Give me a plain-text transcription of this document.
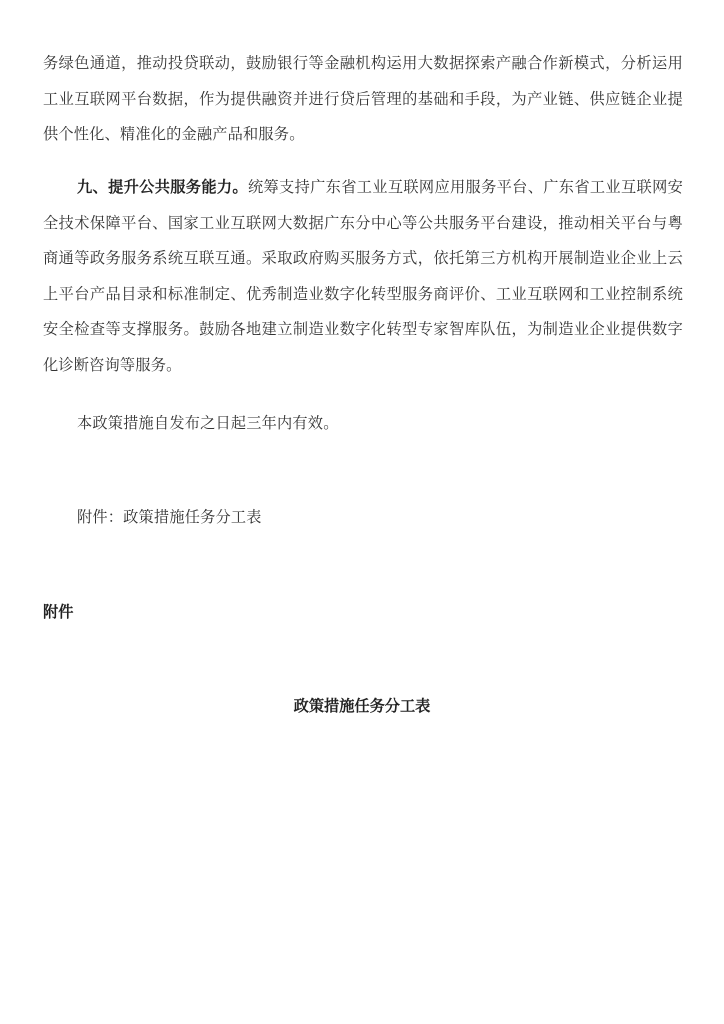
务绿色通道，推动投贷联动，鼓励银行等金融机构运用大数据探索产融合作新模式，分析运用工业互联网平台数据，作为提供融资并进行贷后管理的基础和手段，为产业链、供应链企业提供个性化、精准化的金融产品和服务。

九、提升公共服务能力。统筹支持广东省工业互联网应用服务平台、广东省工业互联网安全技术保障平台、国家工业互联网大数据广东分中心等公共服务平台建设，推动相关平台与粤商通等政务服务系统互联互通。采取政府购买服务方式，依托第三方机构开展制造业企业上云上平台产品目录和标准制定、优秀制造业数字化转型服务商评价、工业互联网和工业控制系统安全检查等支撑服务。鼓励各地建立制造业数字化转型专家智库队伍，为制造业企业提供数字化诊断咨询等服务。

本政策措施自发布之日起三年内有效。

附件：政策措施任务分工表

附件

政策措施任务分工表
